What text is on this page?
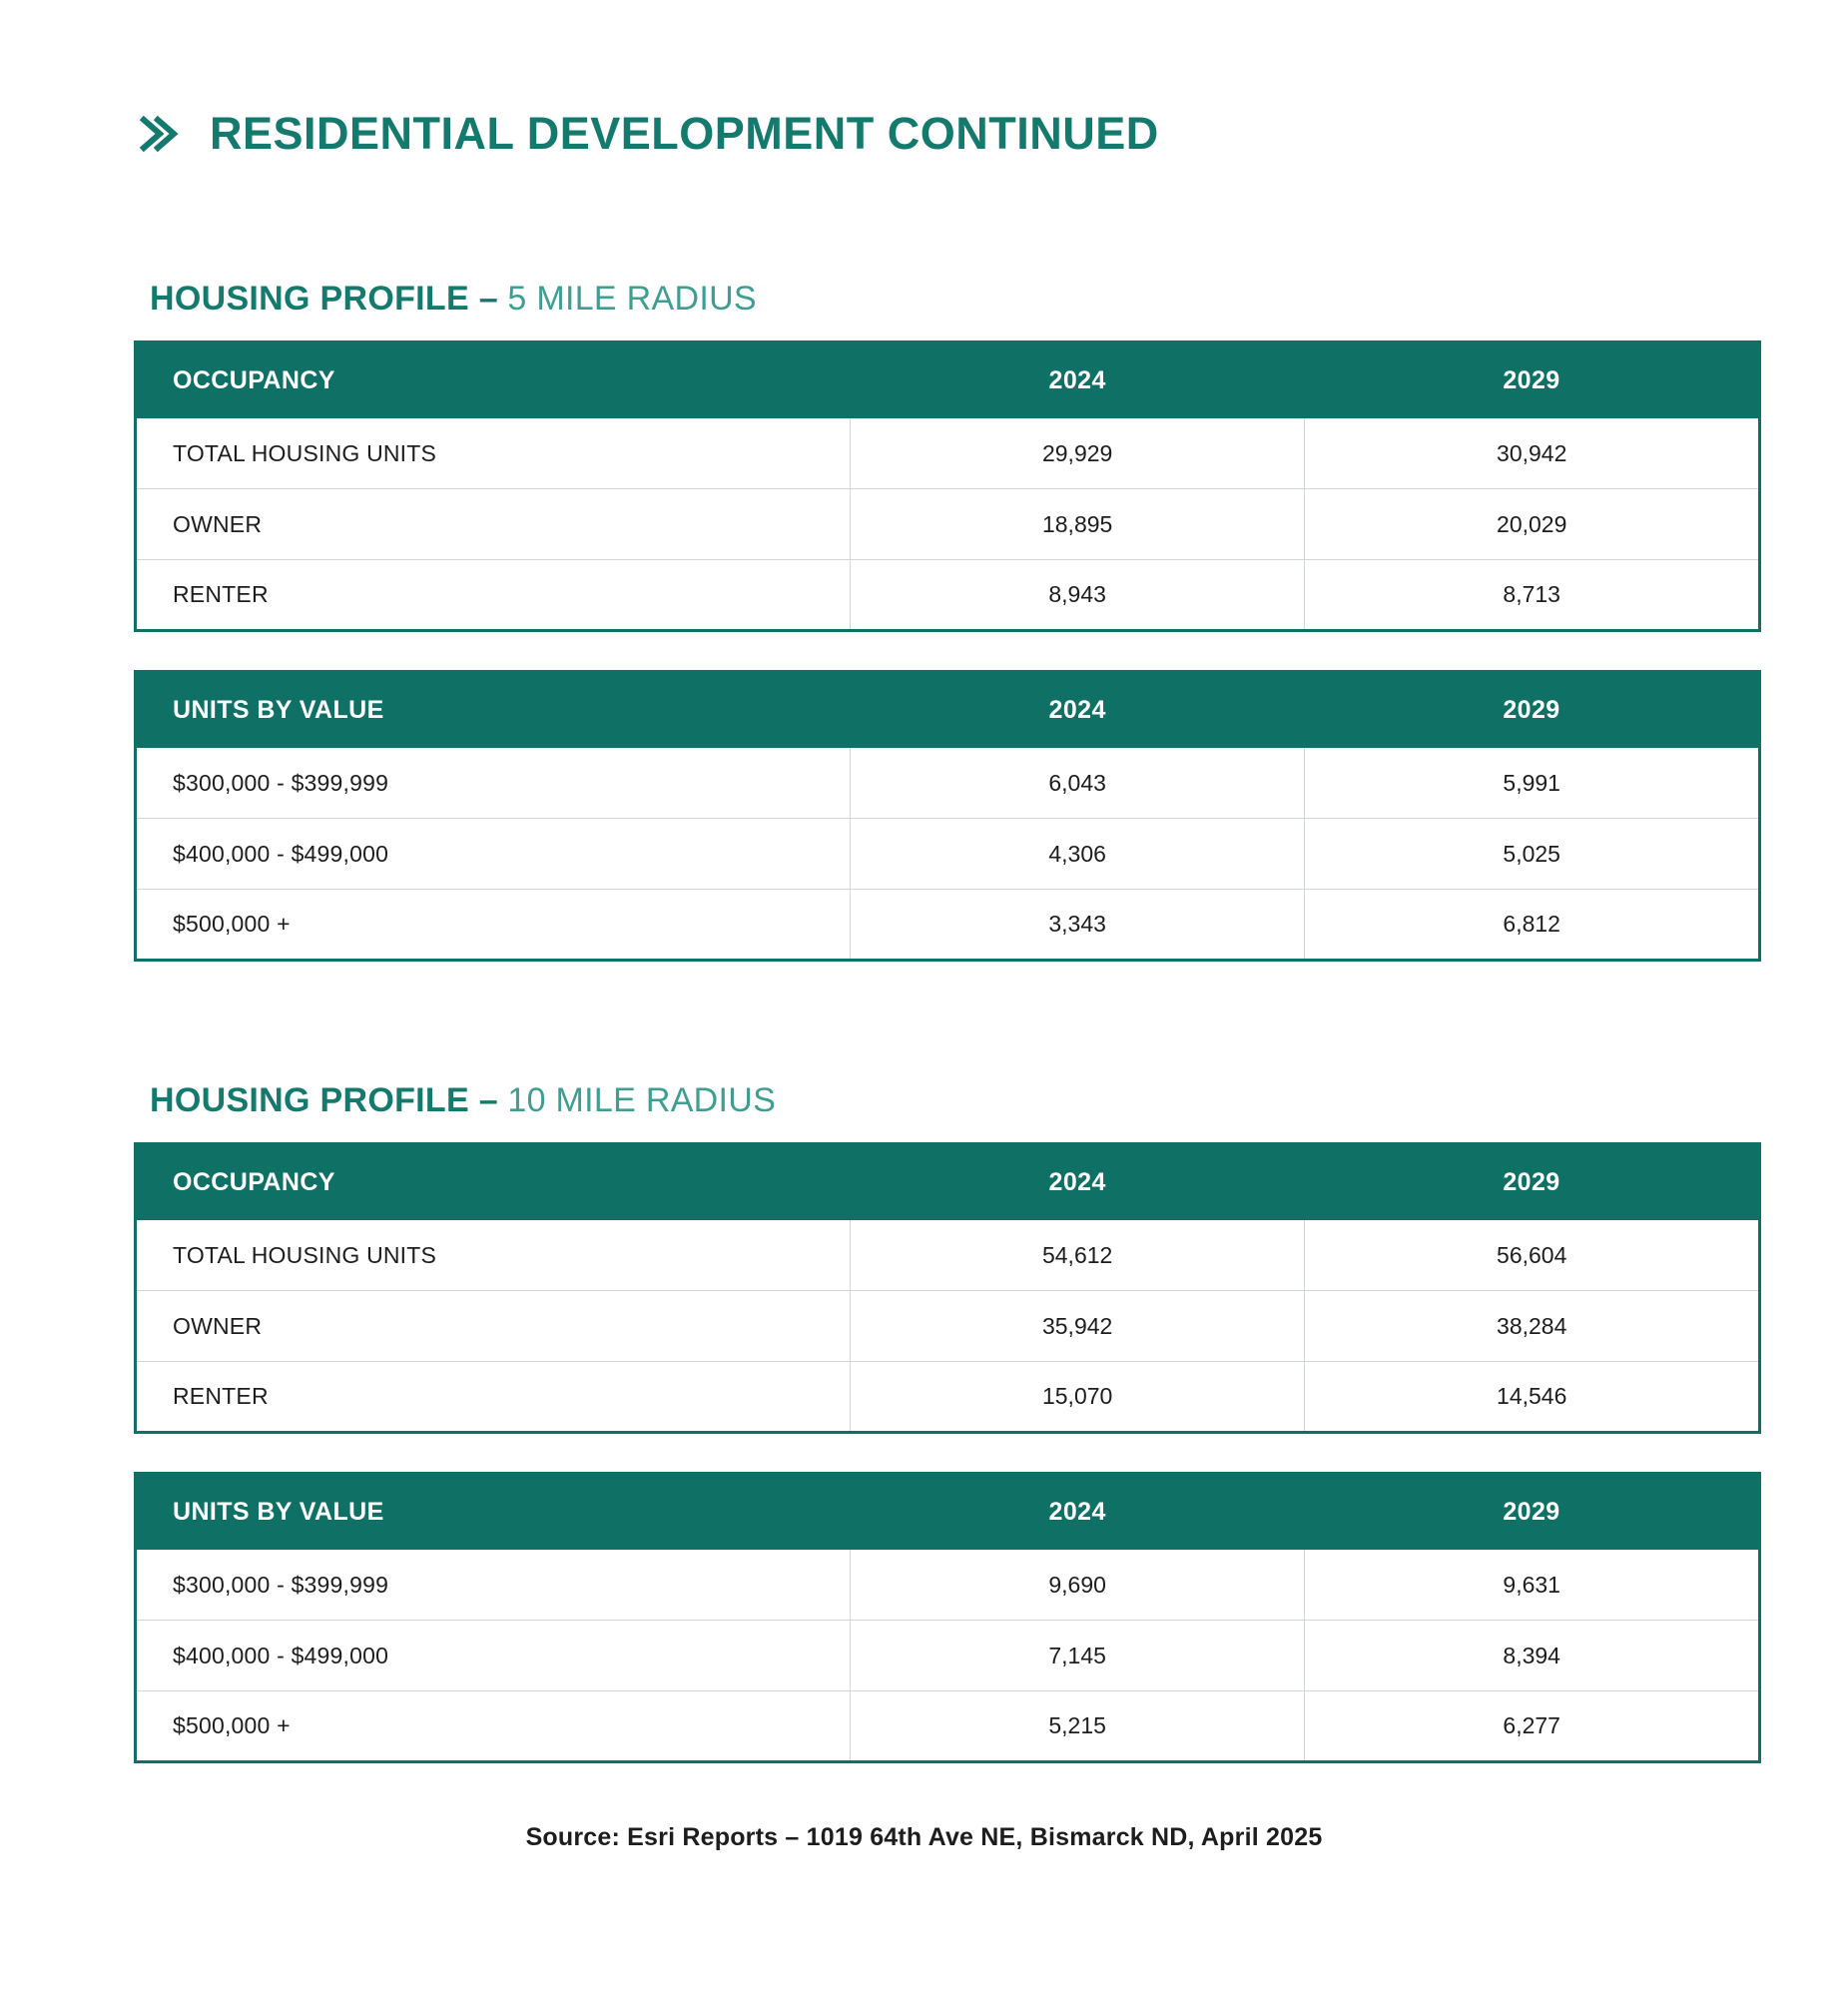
RESIDENTIAL DEVELOPMENT CONTINUED
HOUSING PROFILE – 5 MILE RADIUS
OCCUPANCY	2024	2029
TOTAL HOUSING UNITS	29,929	30,942
OWNER	18,895	20,029
RENTER	8,943	8,713
UNITS BY VALUE	2024	2029
$300,000 - $399,999	6,043	5,991
$400,000 - $499,000	4,306	5,025
$500,000 +	3,343	6,812
HOUSING PROFILE – 10 MILE RADIUS
OCCUPANCY	2024	2029
TOTAL HOUSING UNITS	54,612	56,604
OWNER	35,942	38,284
RENTER	15,070	14,546
UNITS BY VALUE	2024	2029
$300,000 - $399,999	9,690	9,631
$400,000 - $499,000	7,145	8,394
$500,000 +	5,215	6,277
Source: Esri Reports – 1019 64th Ave NE, Bismarck ND, April 2025
